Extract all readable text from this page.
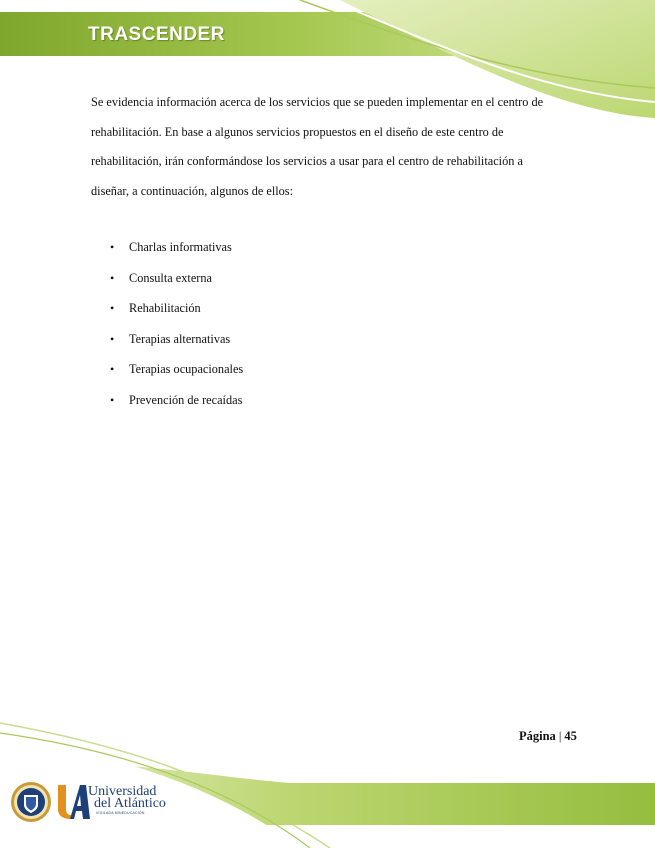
TRASCENDER
Se evidencia información acerca de los servicios que se pueden implementar en el centro de
rehabilitación. En base a algunos servicios propuestos en el diseño de este centro de
rehabilitación, irán conformándose los servicios a usar para el centro de rehabilitación a
diseñar, a continuación, algunos de ellos:
• Charlas informativas
• Consulta externa
• Rehabilitación
• Terapias alternativas
• Terapias ocupacionales
• Prevención de recaídas
Página | 45
Universidad
del Atlántico
VIGILADA MINEDUCACIÓN
